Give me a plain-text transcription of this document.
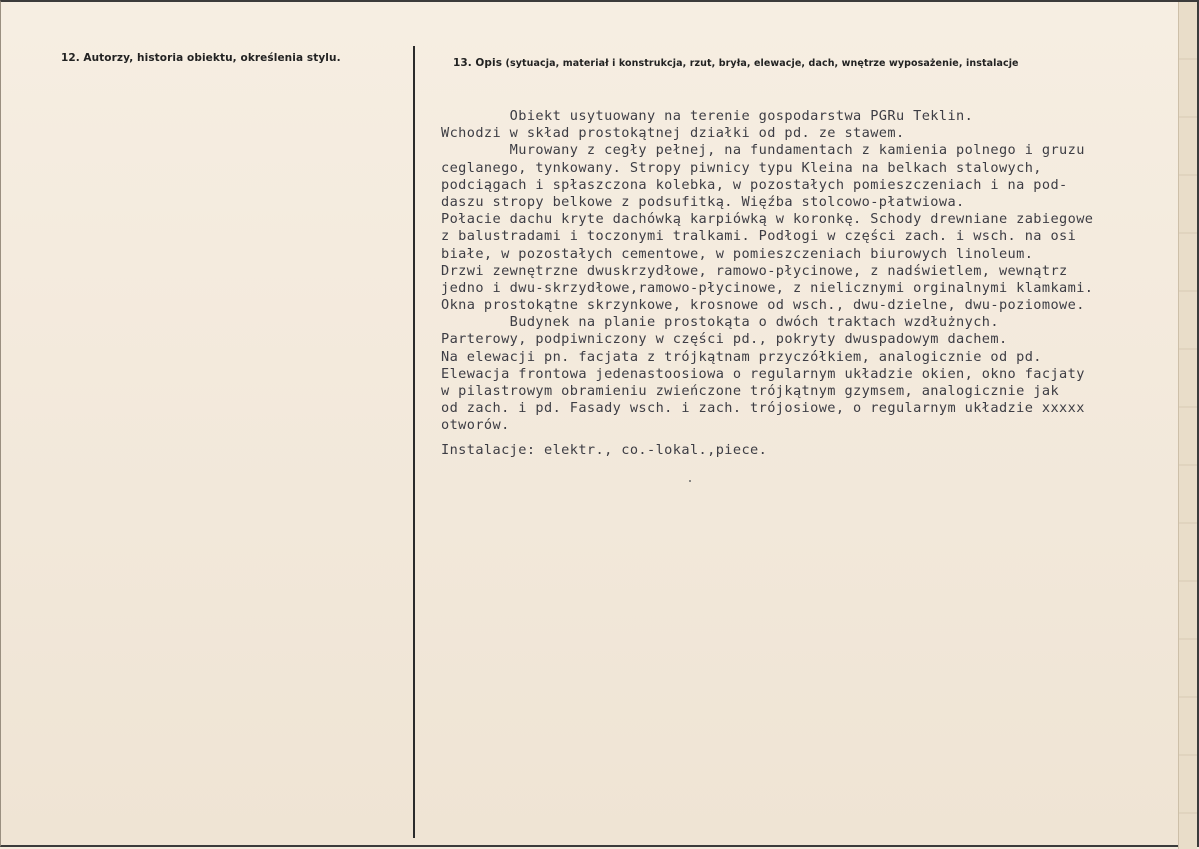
12. Autorzy, historia obiektu, określenia stylu.	13. Opis (sytuacja, materiał i konstrukcja, rzut, bryła, elewacje, dach, wnętrze wyposażenie, instalacje
Obiekt usytuowany na terenie gospodarstwa PGRu Teklin.
Wchodzi w skład prostokątnej działki od pd. ze stawem.
Murowany z cegły pełnej, na fundamentach z kamienia polnego i gruzu
ceglanego, tynkowany. Stropy piwnicy typu Kleina na belkach stalowych,
podciągach i spłaszczona kolebka, w pozostałych pomieszczeniach i na pod-
daszu stropy belkowe z podsufitką. Więźba stolcowo-płatwiowa.
Połacie dachu kryte dachówką karpiówką w koronkę. Schody drewniane zabiegowe
z balustradami i toczonymi tralkami. Podłogi w części zach. i wsch. na osi
białe, w pozostałych cementowe, w pomieszczeniach biurowych linoleum.
Drzwi zewnętrzne dwuskrzydłowe, ramowo-płycinowe, z nadświetlem, wewnątrz
jedno i dwu-skrzydłowe,ramowo-płycinowe, z nielicznymi orginalnymi klamkami.
Okna prostokątne skrzynkowe, krosnowe od wsch., dwu-dzielne, dwu-poziomowe.
Budynek na planie prostokąta o dwóch traktach wzdłużnych.
Parterowy, podpiwniczony w części pd., pokryty dwuspadowym dachem.
Na elewacji pn. facjata z trójkątnam przyczółkiem, analogicznie od pd.
Elewacja frontowa jedenastoosiowa o regularnym układzie okien, okno facjaty
w pilastrowym obramieniu zwieńczone trójkątnym gzymsem, analogicznie jak
od zach. i pd. Fasady wsch. i zach. trójosiowe, o regularnym układzie xxxxx
otworów.
Instalacje: elektr., co.-lokal.,piece.
